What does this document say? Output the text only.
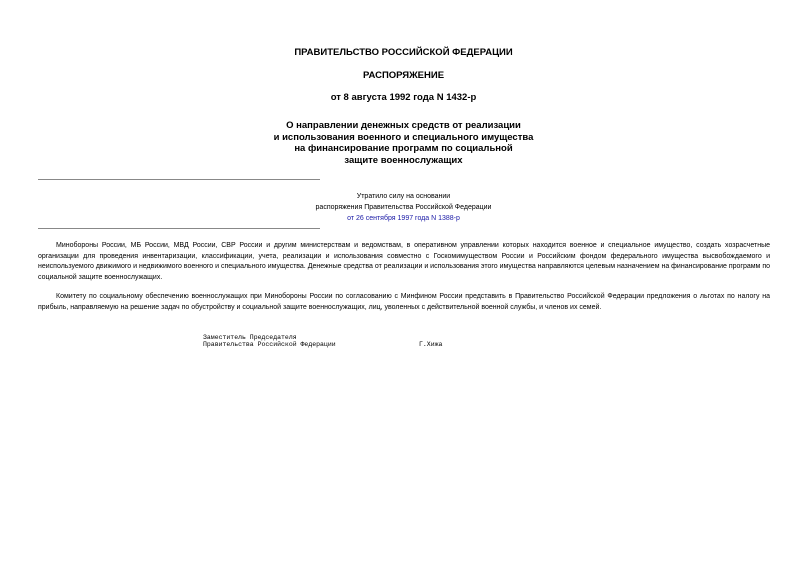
ПРАВИТЕЛЬСТВО РОССИЙСКОЙ ФЕДЕРАЦИИ
РАСПОРЯЖЕНИЕ
от 8 августа 1992 года N 1432-р
О направлении денежных средств от реализации
и использования военного и специального имущества
на финансирование программ по социальной
защите военнослужащих
Утратило силу на основании
распоряжения Правительства Российской Федерации
от 26 сентября 1997 года N 1388-р
Минобороны России, МБ России, МВД России, СВР России и другим министерствам и ведомствам, в оперативном управлении которых находится военное и специальное имущество, создать хозрасчетные организации для проведения инвентаризации, классификации, учета, реализации и использования совместно с Госкомимуществом России и Российским фондом федерального имущества высвобождаемого и неиспользуемого движимого и недвижимого военного и специального имущества. Денежные средства от реализации и использования этого имущества направляются целевым назначением на финансирование программ по социальной защите военнослужащих.
Комитету по социальному обеспечению военнослужащих при Минобороны России по согласованию с Минфином России представить в Правительство Российской Федерации предложения о льготах по налогу на прибыль, направляемую на решение задач по обустройству и социальной защите военнослужащих, лиц, уволенных с действительной военной службы, и членов их семей.
Заместитель Председателя
Правительства Российской Федерации	Г.Хижа
